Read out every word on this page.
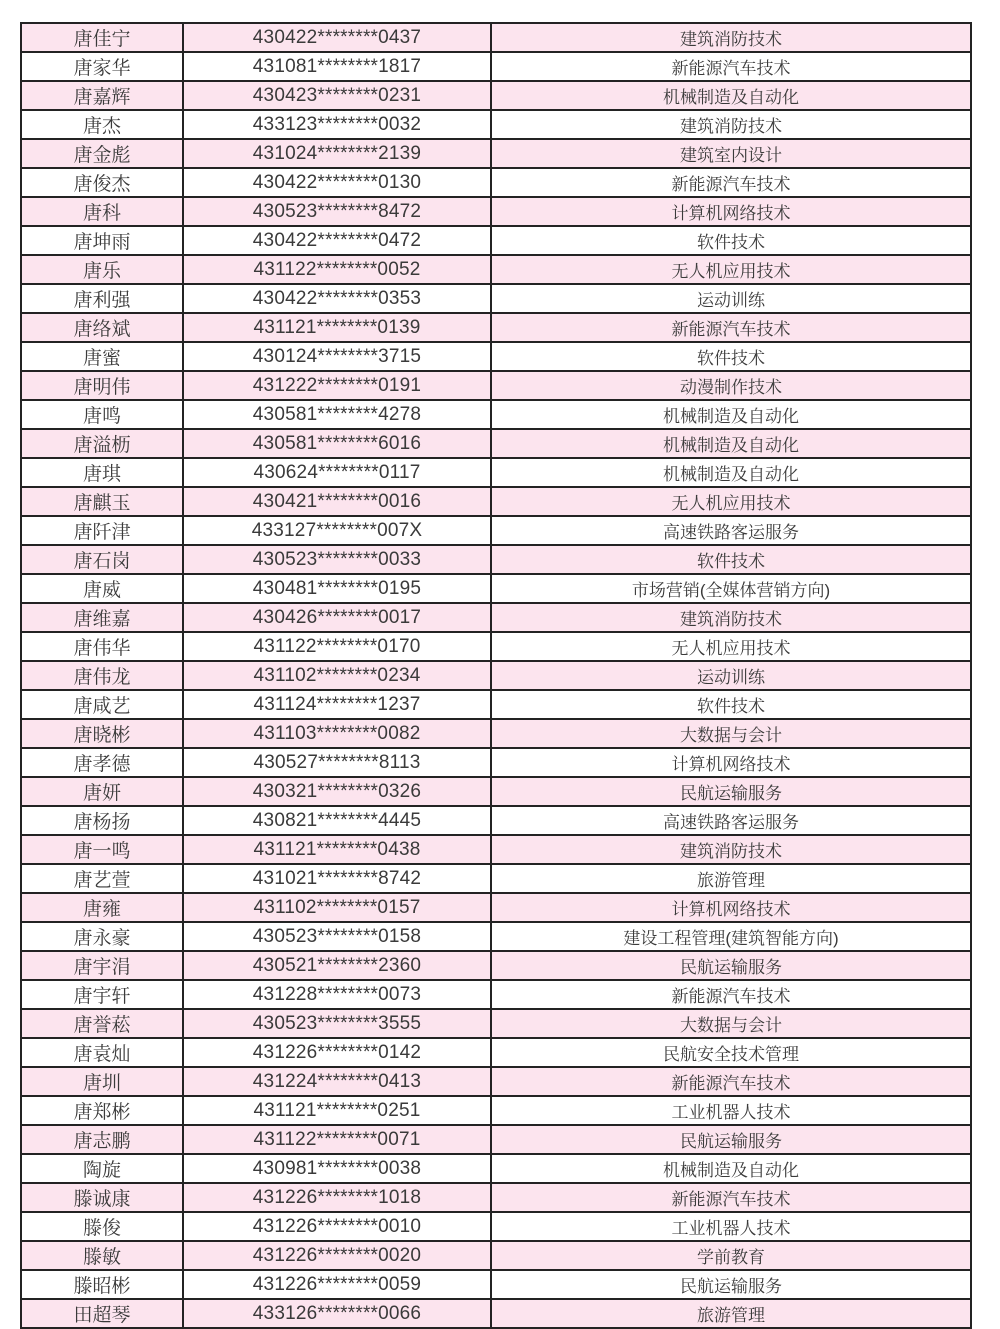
唐佳宁	430422********0437	建筑消防技术
唐家华	431081********1817	新能源汽车技术
唐嘉辉	430423********0231	机械制造及自动化
唐杰	433123********0032	建筑消防技术
唐金彪	431024********2139	建筑室内设计
唐俊杰	430422********0130	新能源汽车技术
唐科	430523********8472	计算机网络技术
唐坤雨	430422********0472	软件技术
唐乐	431122********0052	无人机应用技术
唐利强	430422********0353	运动训练
唐络斌	431121********0139	新能源汽车技术
唐蜜	430124********3715	软件技术
唐明伟	431222********0191	动漫制作技术
唐鸣	430581********4278	机械制造及自动化
唐溢枥	430581********6016	机械制造及自动化
唐琪	430624********0117	机械制造及自动化
唐麒玉	430421********0016	无人机应用技术
唐阡津	433127********007X	高速铁路客运服务
唐石岗	430523********0033	软件技术
唐威	430481********0195	市场营销(全媒体营销方向)
唐维嘉	430426********0017	建筑消防技术
唐伟华	431122********0170	无人机应用技术
唐伟龙	431102********0234	运动训练
唐咸艺	431124********1237	软件技术
唐晓彬	431103********0082	大数据与会计
唐孝德	430527********8113	计算机网络技术
唐妍	430321********0326	民航运输服务
唐杨扬	430821********4445	高速铁路客运服务
唐一鸣	431121********0438	建筑消防技术
唐艺萱	431021********8742	旅游管理
唐雍	431102********0157	计算机网络技术
唐永豪	430523********0158	建设工程管理(建筑智能方向)
唐宇涓	430521********2360	民航运输服务
唐宇轩	431228********0073	新能源汽车技术
唐誉菘	430523********3555	大数据与会计
唐袁灿	431226********0142	民航安全技术管理
唐圳	431224********0413	新能源汽车技术
唐郑彬	431121********0251	工业机器人技术
唐志鹏	431122********0071	民航运输服务
陶旋	430981********0038	机械制造及自动化
滕诚康	431226********1018	新能源汽车技术
滕俊	431226********0010	工业机器人技术
滕敏	431226********0020	学前教育
滕昭彬	431226********0059	民航运输服务
田超琴	433126********0066	旅游管理
